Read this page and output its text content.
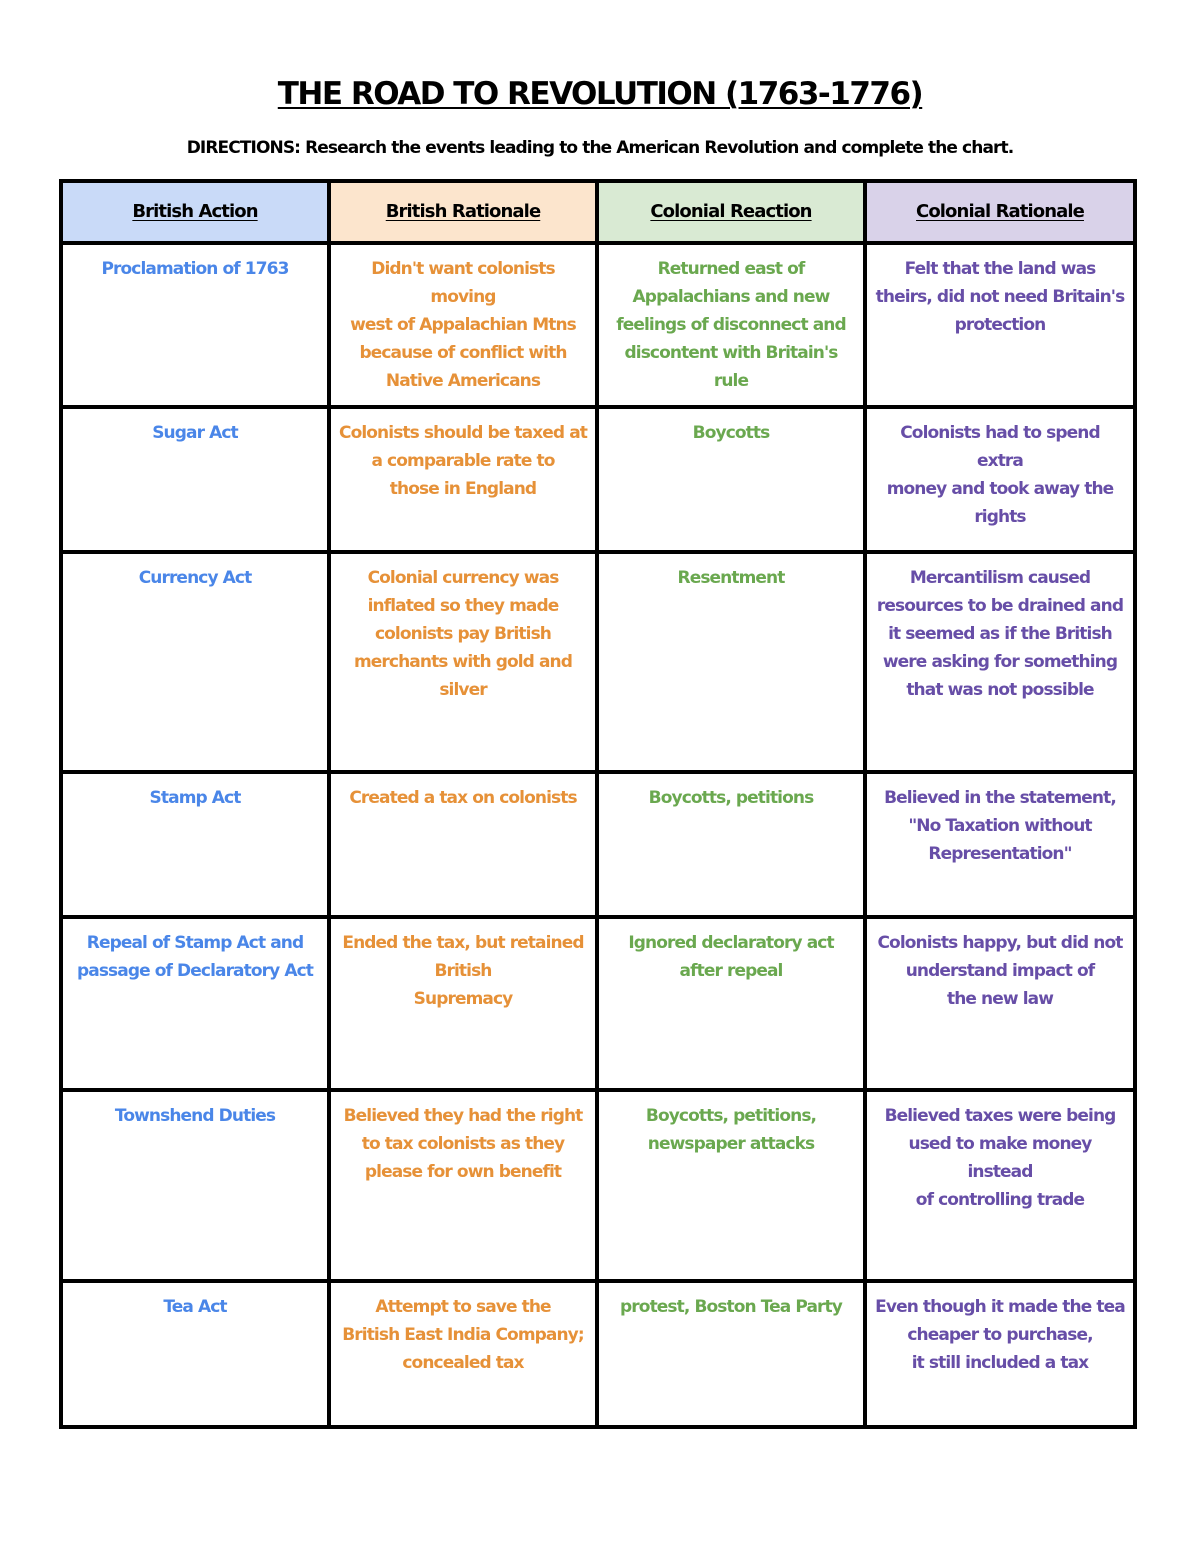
THE ROAD TO REVOLUTION (1763-1776)
DIRECTIONS: Research the events leading to the American Revolution and complete the chart.
British Action	British Rationale	Colonial Reaction	Colonial Rationale
Proclamation of 1763	Didn't want colonists moving
west of Appalachian Mtns
because of conflict with
Native Americans	Returned east of
Appalachians and new
feelings of disconnect and
discontent with Britain's
rule	Felt that the land was
theirs, did not need Britain's
protection
Sugar Act	Colonists should be taxed at
a comparable rate to
those in England	Boycotts	Colonists had to spend extra
money and took away the
rights
Currency Act	Colonial currency was
inflated so they made
colonists pay British
merchants with gold and
silver	Resentment	Mercantilism caused
resources to be drained and
it seemed as if the British
were asking for something
that was not possible
Stamp Act	Created a tax on colonists	Boycotts, petitions	Believed in the statement,
"No Taxation without
Representation"
Repeal of Stamp Act and
passage of Declaratory Act	Ended the tax, but retained
British
Supremacy	Ignored declaratory act
after repeal	Colonists happy, but did not
understand impact of
the new law
Townshend Duties	Believed they had the right
to tax colonists as they
please for own benefit	Boycotts, petitions,
newspaper attacks	Believed taxes were being
used to make money instead
of controlling trade
Tea Act	Attempt to save the
British East India Company;
concealed tax	protest, Boston Tea Party	Even though it made the tea
cheaper to purchase,
it still included a tax
